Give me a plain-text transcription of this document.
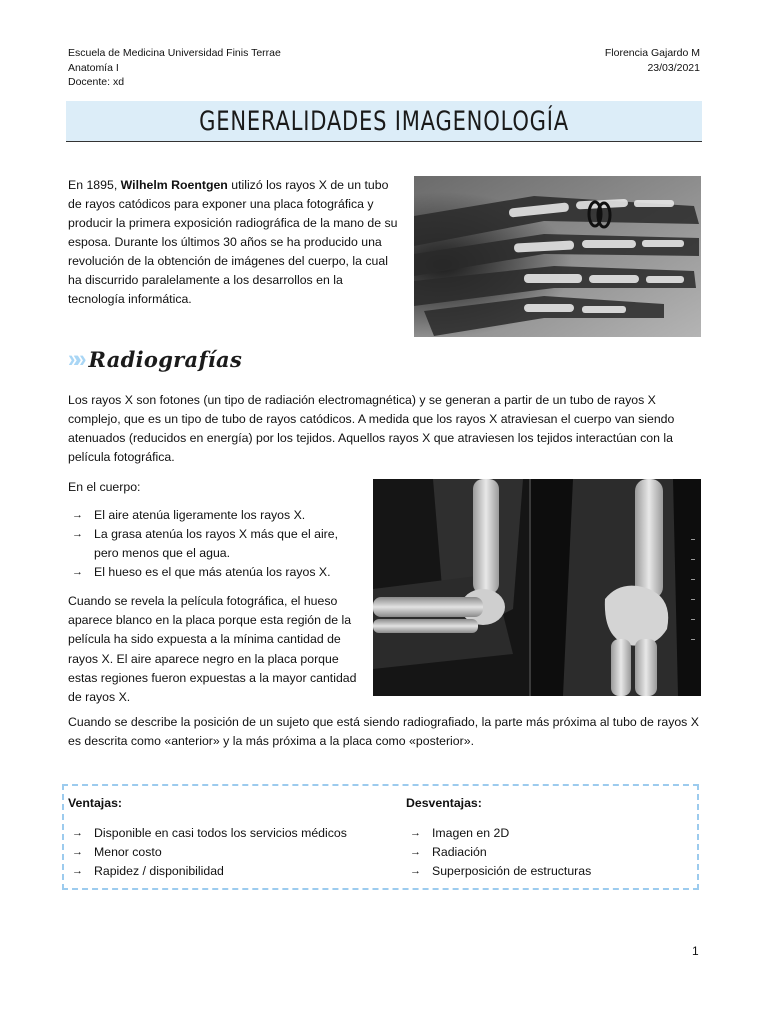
Escuela de Medicina Universidad Finis Terrae
Anatomía I
Docente: xd
Florencia Gajardo M
23/03/2021
GENERALIDADES IMAGENOLOGÍA

En 1895, Wilhelm Roentgen utilizó los rayos X de un tubo de rayos catódicos para exponer una placa fotográfica y producir la primera exposición radiográfica de la mano de su esposa. Durante los últimos 30 años se ha producido una revolución de la obtención de imágenes del cuerpo, la cual ha discurrido paralelamente a los desarrollos en la tecnología informática.

»» Radiografías

Los rayos X son fotones (un tipo de radiación electromagnética) y se generan a partir de un tubo de rayos X complejo, que es un tipo de tubo de rayos catódicos. A medida que los rayos X atraviesan el cuerpo van siendo atenuados (reducidos en energía) por los tejidos. Aquellos rayos X que atraviesen los tejidos interactúan con la película fotográfica.

En el cuerpo:

→ El aire atenúa ligeramente los rayos X.
→ La grasa atenúa los rayos X más que el aire, pero menos que el agua.
→ El hueso es el que más atenúa los rayos X.

Cuando se revela la película fotográfica, el hueso aparece blanco en la placa porque esta región de la película ha sido expuesta a la mínima cantidad de rayos X. El aire aparece negro en la placa porque estas regiones fueron expuestas a la mayor cantidad de rayos X.

Cuando se describe la posición de un sujeto que está siendo radiografiado, la parte más próxima al tubo de rayos X es descrita como «anterior» y la más próxima a la placa como «posterior».

Ventajas:
→ Disponible en casi todos los servicios médicos
→ Menor costo
→ Rapidez / disponibilidad
Desventajas:
→ Imagen en 2D
→ Radiación
→ Superposición de estructuras
1
